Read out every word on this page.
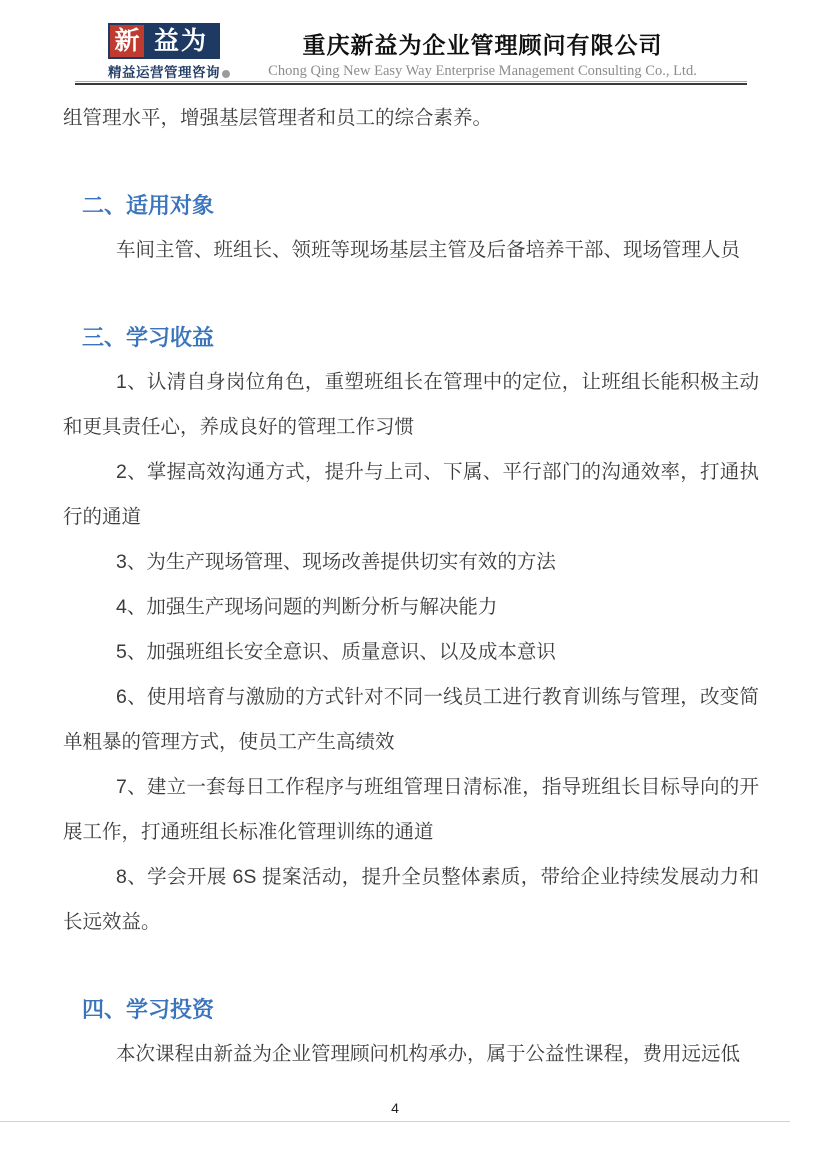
新 益为
精益运营管理咨询
重庆新益为企业管理顾问有限公司
Chong Qing New Easy Way Enterprise Management Consulting Co., Ltd.

组管理水平，增强基层管理者和员工的综合素养。

二、适用对象

车间主管、班组长、领班等现场基层主管及后备培养干部、现场管理人员

三、学习收益

1、认清自身岗位角色，重塑班组长在管理中的定位，让班组长能积极主动和更具责任心，养成良好的管理工作习惯

2、掌握高效沟通方式，提升与上司、下属、平行部门的沟通效率，打通执行的通道

3、为生产现场管理、现场改善提供切实有效的方法

4、加强生产现场问题的判断分析与解决能力

5、加强班组长安全意识、质量意识、以及成本意识

6、使用培育与激励的方式针对不同一线员工进行教育训练与管理，改变简单粗暴的管理方式，使员工产生高绩效

7、建立一套每日工作程序与班组管理日清标准，指导班组长目标导向的开展工作，打通班组长标准化管理训练的通道

8、学会开展 6S 提案活动，提升全员整体素质，带给企业持续发展动力和长远效益。

四、学习投资

本次课程由新益为企业管理顾问机构承办，属于公益性课程，费用远远低

4
